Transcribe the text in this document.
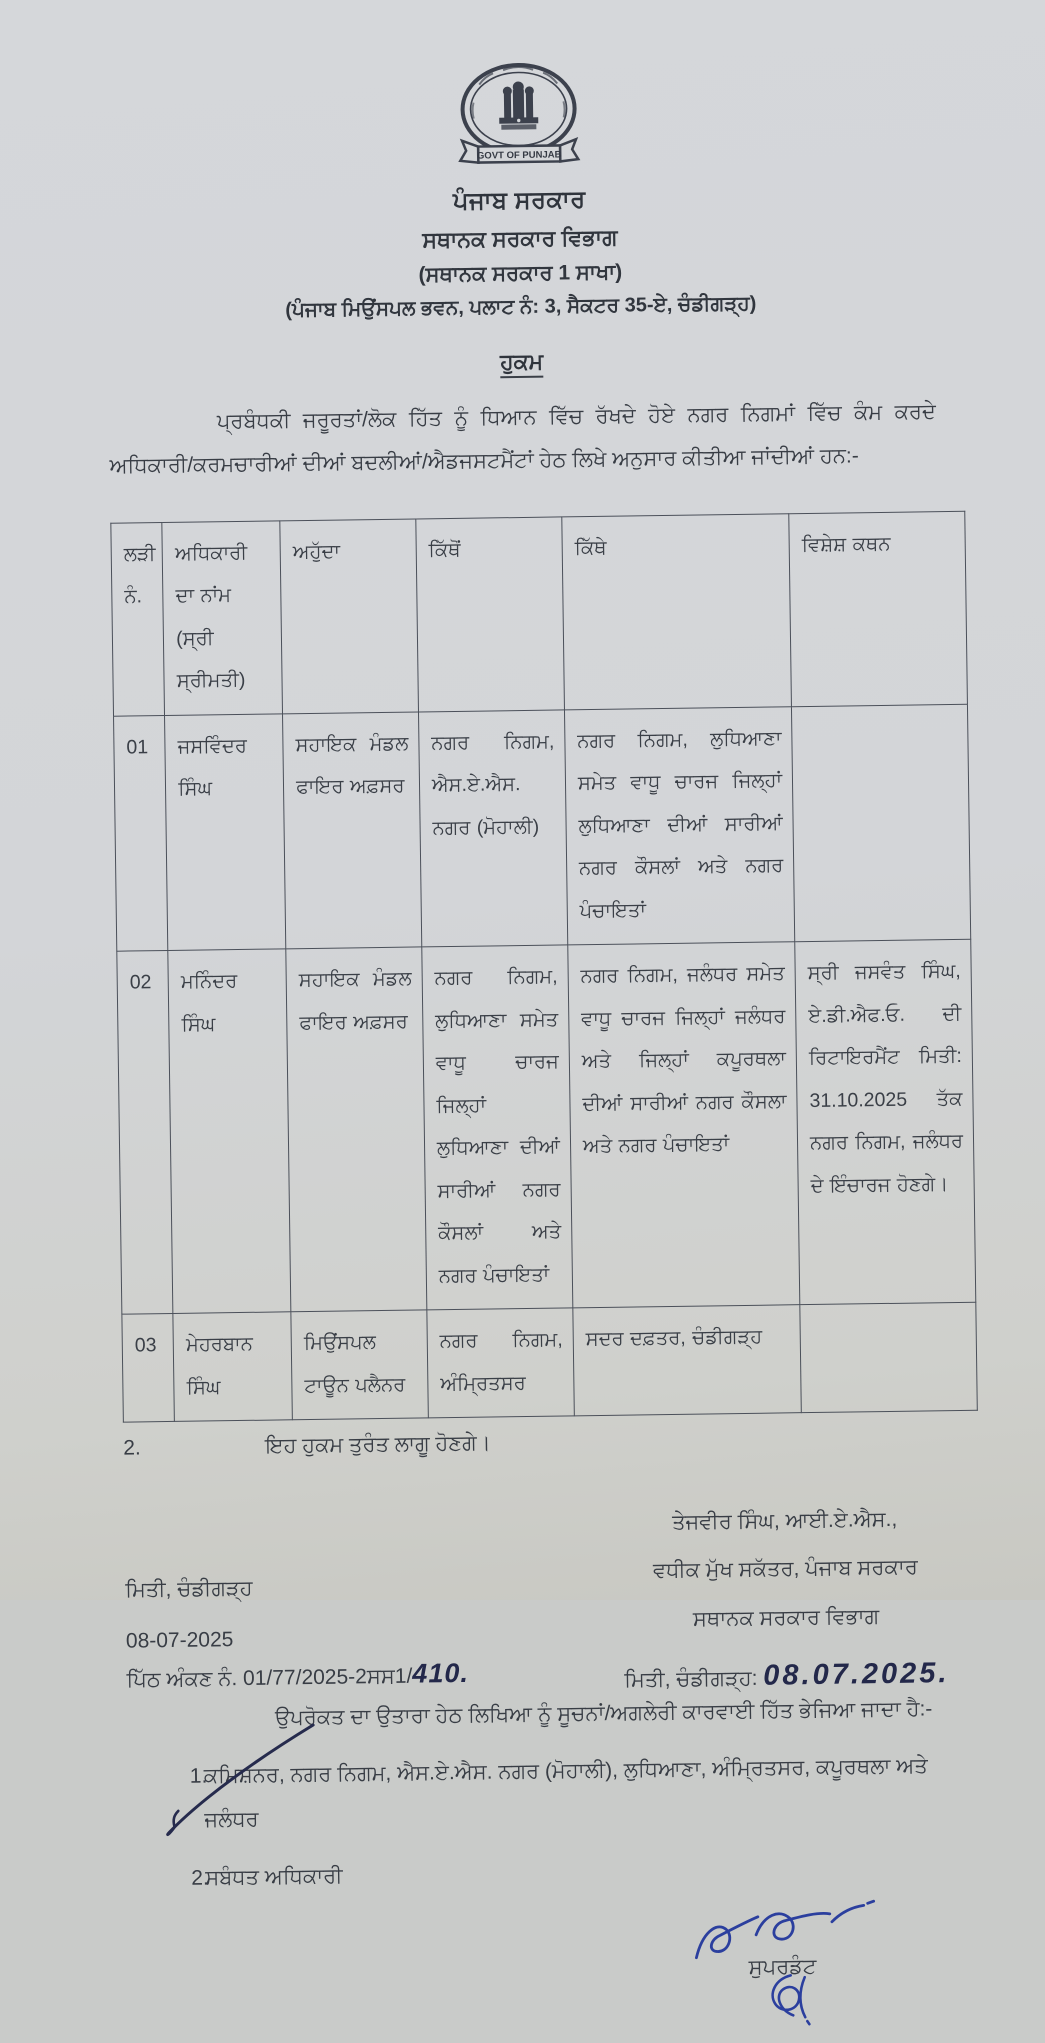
GOVT OF PUNJAB
ਪੰਜਾਬ ਸਰਕਾਰ
ਸਥਾਨਕ ਸਰਕਾਰ ਵਿਭਾਗ
(ਸਥਾਨਕ ਸਰਕਾਰ 1 ਸਾਖਾ)
(ਪੰਜਾਬ ਮਿਉਂਸਪਲ ਭਵਨ, ਪਲਾਟ ਨੰ: 3, ਸੈਕਟਰ 35-ਏ, ਚੰਡੀਗੜ੍ਹ)
ਹੁਕਮ

ਪ੍ਰਬੰਧਕੀ ਜਰੂਰਤਾਂ/ਲੋਕ ਹਿੱਤ ਨੂੰ ਧਿਆਨ ਵਿੱਚ ਰੱਖਦੇ ਹੋਏ ਨਗਰ ਨਿਗਮਾਂ ਵਿੱਚ ਕੰਮ ਕਰਦੇ ਅਧਿਕਾਰੀ/ਕਰਮਚਾਰੀਆਂ ਦੀਆਂ ਬਦਲੀਆਂ/ਐਡਜਸਟਮੈਂਟਾਂ ਹੇਠ ਲਿਖੇ ਅਨੁਸਾਰ ਕੀਤੀਆ ਜਾਂਦੀਆਂ ਹਨ:-

ਲੜੀ ਨੰ.	ਅਧਿਕਾਰੀ ਦਾ ਨਾਂਮ (ਸ੍ਰੀ ਸ੍ਰੀਮਤੀ)	ਅਹੁੱਦਾ	ਕਿੱਥੋਂ	ਕਿੱਥੇ	ਵਿਸ਼ੇਸ਼ ਕਥਨ
01	ਜਸਵਿੰਦਰ ਸਿੰਘ	ਸਹਾਇਕ ਮੰਡਲ ਫਾਇਰ ਅਫ਼ਸਰ	ਨਗਰ ਨਿਗਮ, ਐਸ.ਏ.ਐਸ. ਨਗਰ (ਮੋਹਾਲੀ)	ਨਗਰ ਨਿਗਮ, ਲੁਧਿਆਣਾ ਸਮੇਤ ਵਾਧੂ ਚਾਰਜ ਜਿਲ੍ਹਾਂ ਲੁਧਿਆਣਾ ਦੀਆਂ ਸਾਰੀਆਂ ਨਗਰ ਕੌਸਲਾਂ ਅਤੇ ਨਗਰ ਪੰਚਾਇਤਾਂ	
02	ਮਨਿੰਦਰ ਸਿੰਘ	ਸਹਾਇਕ ਮੰਡਲ ਫਾਇਰ ਅਫ਼ਸਰ	ਨਗਰ ਨਿਗਮ, ਲੁਧਿਆਣਾ ਸਮੇਤ ਵਾਧੂ ਚਾਰਜ ਜਿਲ੍ਹਾਂ ਲੁਧਿਆਣਾ ਦੀਆਂ ਸਾਰੀਆਂ ਨਗਰ ਕੌਸਲਾਂ ਅਤੇ ਨਗਰ ਪੰਚਾਇਤਾਂ	ਨਗਰ ਨਿਗਮ, ਜਲੰਧਰ ਸਮੇਤ ਵਾਧੂ ਚਾਰਜ ਜਿਲ੍ਹਾਂ ਜਲੰਧਰ ਅਤੇ ਜਿਲ੍ਹਾਂ ਕਪੂਰਥਲਾ ਦੀਆਂ ਸਾਰੀਆਂ ਨਗਰ ਕੌਸਲਾ ਅਤੇ ਨਗਰ ਪੰਚਾਇਤਾਂ	ਸ੍ਰੀ ਜਸਵੰਤ ਸਿੰਘ, ਏ.ਡੀ.ਐਫ.ਓ. ਦੀ ਰਿਟਾਇਰਮੈਂਟ ਮਿਤੀ: 31.10.2025 ਤੱਕ ਨਗਰ ਨਿਗਮ, ਜਲੰਧਰ ਦੇ ਇੰਚਾਰਜ ਹੋਣਗੇ।
03	ਮੇਹਰਬਾਨ ਸਿੰਘ	ਮਿਉਂਸਪਲ ਟਾਊਨ ਪਲੈਨਰ	ਨਗਰ ਨਿਗਮ, ਅੰਮ੍ਰਿਤਸਰ	ਸਦਰ ਦਫ਼ਤਰ, ਚੰਡੀਗੜ੍ਹ	
2.	ਇਹ ਹੁਕਮ ਤੁਰੰਤ ਲਾਗੂ ਹੋਣਗੇ।
ਮਿਤੀ, ਚੰਡੀਗੜ੍ਹ
08-07-2025
ਤੇਜਵੀਰ ਸਿੰਘ, ਆਈ.ਏ.ਐਸ.,
ਵਧੀਕ ਮੁੱਖ ਸਕੱਤਰ, ਪੰਜਾਬ ਸਰਕਾਰ
ਸਥਾਨਕ ਸਰਕਾਰ ਵਿਭਾਗ
ਮਿਤੀ, ਚੰਡੀਗੜ੍ਹ: 08.07.2025.
ਪਿੱਠ ਅੰਕਣ ਨੰ. 01/77/2025-2ਸਸ1/410.
ਉਪਰੋਕਤ ਦਾ ਉਤਾਰਾ ਹੇਠ ਲਿਖਿਆ ਨੂੰ ਸੂਚਨਾਂ/ਅਗਲੇਰੀ ਕਾਰਵਾਈ ਹਿੱਤ ਭੇਜਿਆ ਜਾਦਾ ਹੈ:-
1.
ਕਮਿਸ਼ਨਰ, ਨਗਰ ਨਿਗਮ, ਐਸ.ਏ.ਐਸ. ਨਗਰ (ਮੋਹਾਲੀ), ਲੁਧਿਆਣਾ, ਅੰਮ੍ਰਿਤਸਰ, ਕਪੂਰਥਲਾ ਅਤੇ ਜਲੰਧਰ
2.
ਸਬੰਧਤ ਅਧਿਕਾਰੀ
ਸੁਪਰਡੰਟ
